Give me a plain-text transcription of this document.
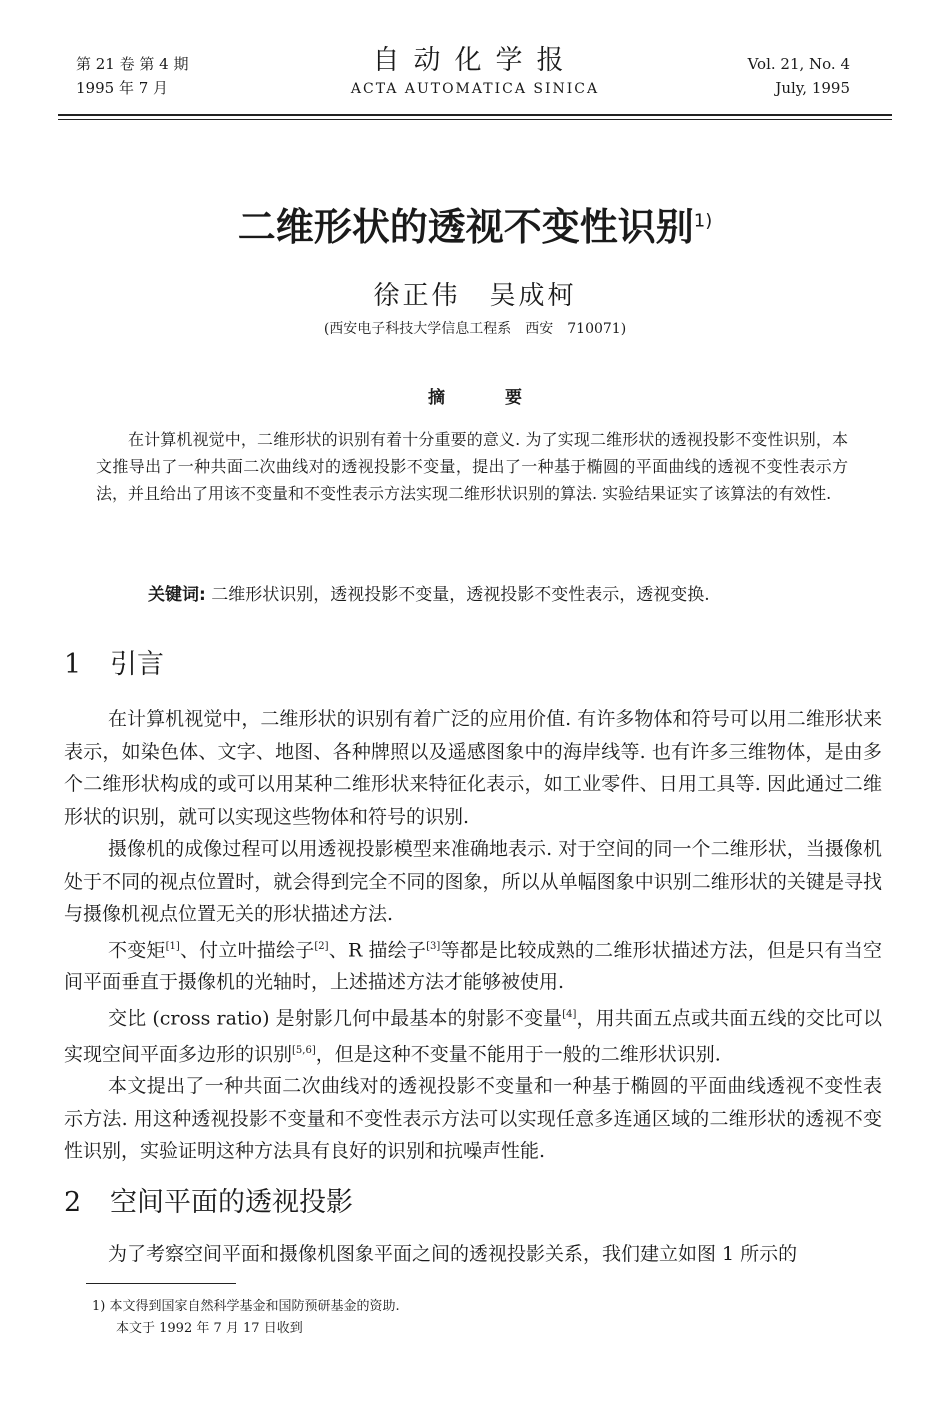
第 21 卷 第 4 期
1995 年 7 月
自动化学报
ACTA AUTOMATICA SINICA
Vol. 21, No. 4
July, 1995
二维形状的透视不变性识别$^{1)}$
徐正伟　吴成柯
(西安电子科技大学信息工程系　西安　710071)
摘要
在计算机视觉中，二维形状的识别有着十分重要的意义. 为了实现二维形状的透视投影不变性识别，本文推导出了一种共面二次曲线对的透视投影不变量，提出了一种基于椭圆的平面曲线的透视不变性表示方法，并且给出了用该不变量和不变性表示方法实现二维形状识别的算法. 实验结果证实了该算法的有效性.
关键词: 二维形状识别，透视投影不变量，透视投影不变性表示，透视变换.
1 引言

在计算机视觉中，二维形状的识别有着广泛的应用价值. 有许多物体和符号可以用二维形状来表示，如染色体、文字、地图、各种牌照以及遥感图象中的海岸线等. 也有许多三维物体，是由多个二维形状构成的或可以用某种二维形状来特征化表示，如工业零件、日用工具等. 因此通过二维形状的识别，就可以实现这些物体和符号的识别.

摄像机的成像过程可以用透视投影模型来准确地表示. 对于空间的同一个二维形状，当摄像机处于不同的视点位置时，就会得到完全不同的图象，所以从单幅图象中识别二维形状的关键是寻找与摄像机视点位置无关的形状描述方法.

不变矩[1]、付立叶描绘子[2]、R 描绘子[3]等都是比较成熟的二维形状描述方法，但是只有当空间平面垂直于摄像机的光轴时，上述描述方法才能够被使用.

交比 (cross ratio) 是射影几何中最基本的射影不变量[4]，用共面五点或共面五线的交比可以实现空间平面多边形的识别[5,6]，但是这种不变量不能用于一般的二维形状识别.

本文提出了一种共面二次曲线对的透视投影不变量和一种基于椭圆的平面曲线透视不变性表示方法. 用这种透视投影不变量和不变性表示方法可以实现任意多连通区域的二维形状的透视不变性识别，实验证明这种方法具有良好的识别和抗噪声性能.

2 空间平面的透视投影

为了考察空间平面和摄像机图象平面之间的透视投影关系，我们建立如图 1 所示的

1) 本文得到国家自然科学基金和国防预研基金的资助.
本文于 1992 年 7 月 17 日收到
